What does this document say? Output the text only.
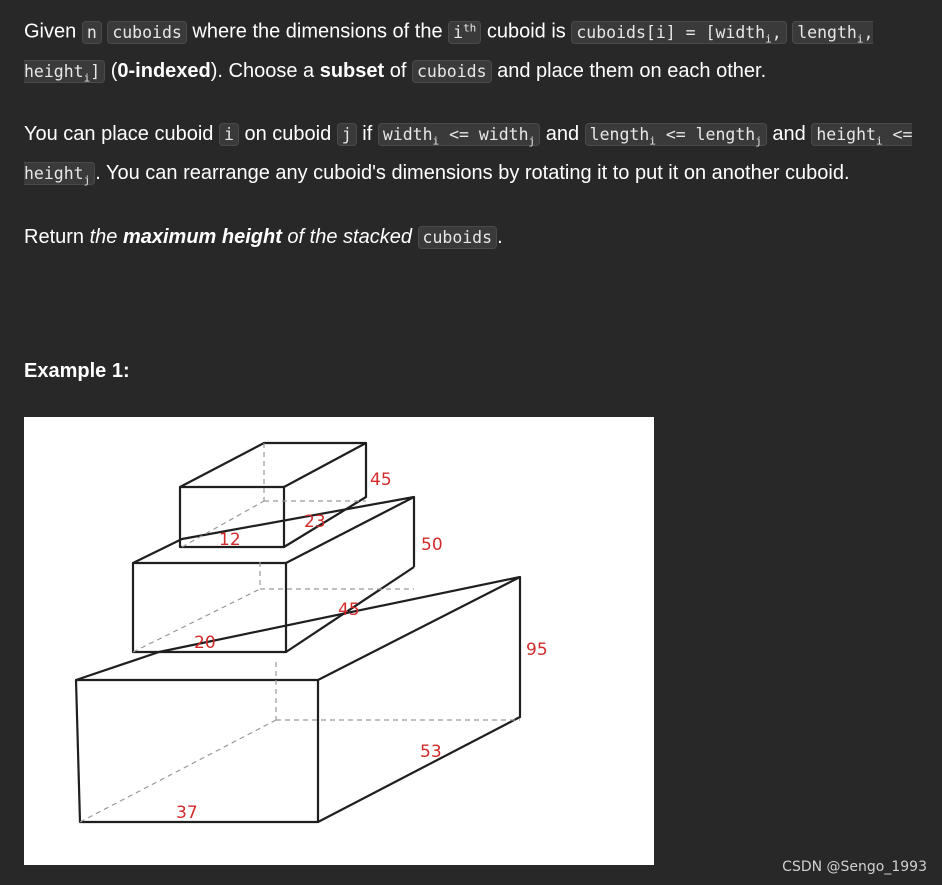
Given n cuboids where the dimensions of the $i^{th}$ cuboid is cuboids[i] = [width$_i$, length$_i$, height$_i$] (0-indexed). Choose a subset of cuboids and place them on each other.

You can place cuboid i on cuboid j if width$_i$ <= width$_j$ and length$_i$ <= length$_j$ and height$_i$ <= height$_j$ . You can rearrange any cuboid's dimensions by rotating it to put it on another cuboid.

Return the maximum height of the stacked cuboids .

Example 1:
45
23
12	50
45
20	95
53
37
CSDN @Sengo_1993
